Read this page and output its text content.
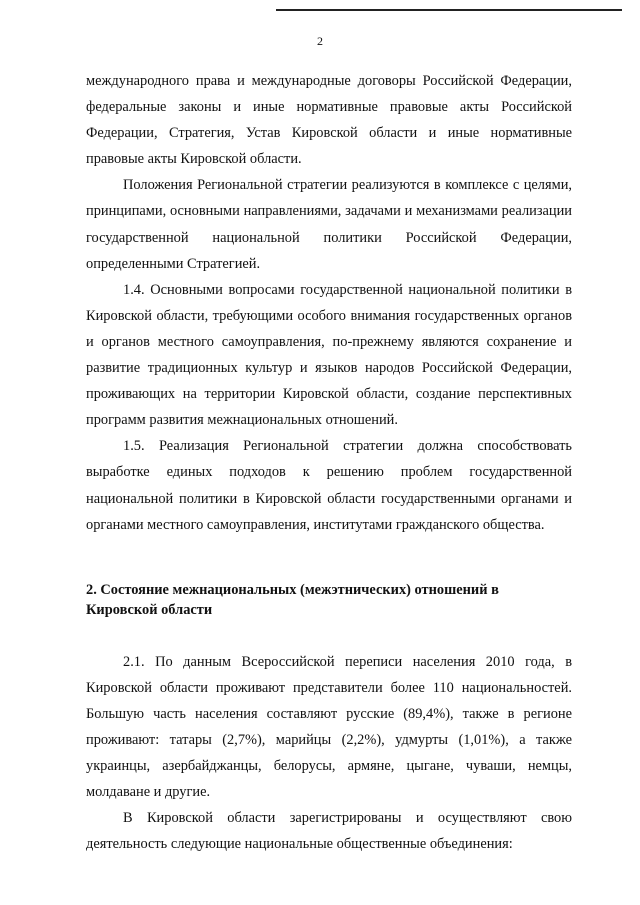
2

международного права и международные договоры Российской Федерации, федеральные законы и иные нормативные правовые акты Российской Федерации, Стратегия, Устав Кировской области и иные нормативные правовые акты Кировской области.

Положения Региональной стратегии реализуются в комплексе с целями, принципами, основными направлениями, задачами и механизмами реализации государственной национальной политики Российской Федерации, определенными Стратегией.

1.4. Основными вопросами государственной национальной политики в Кировской области, требующими особого внимания государственных органов и органов местного самоуправления, по-прежнему являются сохранение и развитие традиционных культур и языков народов Российской Федерации, проживающих на территории Кировской области, создание перспективных программ развития межнациональных отношений.

1.5. Реализация Региональной стратегии должна способствовать выработке единых подходов к решению проблем государственной национальной политики в Кировской области государственными органами и органами местного самоуправления, институтами гражданского общества.

2. Состояние межнациональных (межэтнических) отношений в
Кировской области

2.1. По данным Всероссийской переписи населения 2010 года, в Кировской области проживают представители более 110 национальностей. Большую часть населения составляют русские (89,4%), также в регионе проживают: татары (2,7%), марийцы (2,2%), удмурты (1,01%), а также украинцы, азербайджанцы, белорусы, армяне, цыгане, чуваши, немцы, молдаване и другие.

В Кировской области зарегистрированы и осуществляют свою деятельность следующие национальные общественные объединения:
